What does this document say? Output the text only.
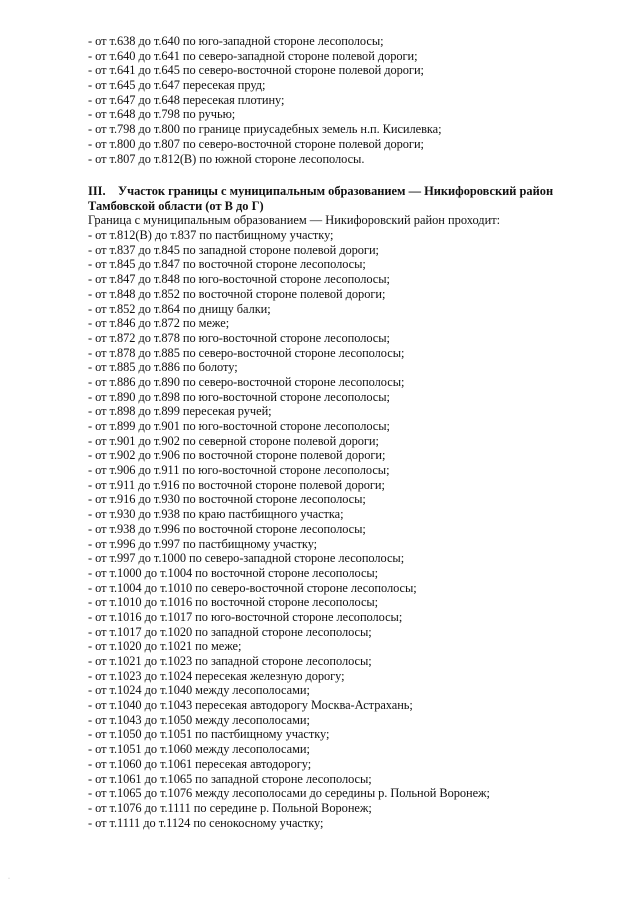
- от т.638 до т.640 по юго-западной стороне лесополосы;
- от т.640 до т.641 по северо-западной стороне полевой дороги;
- от т.641 до т.645 по северо-восточной стороне полевой дороги;
- от т.645 до т.647 пересекая пруд;
- от т.647 до т.648 пересекая плотину;
- от т.648 до т.798 по ручью;
- от т.798 до т.800 по границе приусадебных земель н.п. Кисилевка;
- от т.800 до т.807 по северо-восточной стороне полевой дороги;
- от т.807 до т.812(В) по южной стороне лесополосы.
III. Участок границы с муниципальным образованием — Никифоровский район
Тамбовской области (от В до Г)
Граница с муниципальным образованием — Никифоровский район проходит:
- от т.812(В) до т.837 по пастбищному участку;
- от т.837 до т.845 по западной стороне полевой дороги;
- от т.845 до т.847 по восточной стороне лесополосы;
- от т.847 до т.848 по юго-восточной стороне лесополосы;
- от т.848 до т.852 по восточной стороне полевой дороги;
- от т.852 до т.864 по днищу балки;
- от т.846 до т.872 по меже;
- от т.872 до т.878 по юго-восточной стороне лесополосы;
- от т.878 до т.885 по северо-восточной стороне лесополосы;
- от т.885 до т.886 по болоту;
- от т.886 до т.890 по северо-восточной стороне лесополосы;
- от т.890 до т.898 по юго-восточной стороне лесополосы;
- от т.898 до т.899 пересекая ручей;
- от т.899 до т.901 по юго-восточной стороне лесополосы;
- от т.901 до т.902 по северной стороне полевой дороги;
- от т.902 до т.906 по восточной стороне полевой дороги;
- от т.906 до т.911 по юго-восточной стороне лесополосы;
- от т.911 до т.916 по восточной стороне полевой дороги;
- от т.916 до т.930 по восточной стороне лесополосы;
- от т.930 до т.938 по краю пастбищного участка;
- от т.938 до т.996 по восточной стороне лесополосы;
- от т.996 до т.997 по пастбищному участку;
- от т.997 до т.1000 по северо-западной стороне лесополосы;
- от т.1000 до т.1004 по восточной стороне лесополосы;
- от т.1004 до т.1010 по северо-восточной стороне лесополосы;
- от т.1010 до т.1016 по восточной стороне лесополосы;
- от т.1016 до т.1017 по юго-восточной стороне лесополосы;
- от т.1017 до т.1020 по западной стороне лесополосы;
- от т.1020 до т.1021 по меже;
- от т.1021 до т.1023 по западной стороне лесополосы;
- от т.1023 до т.1024 пересекая железную дорогу;
- от т.1024 до т.1040 между лесополосами;
- от т.1040 до т.1043 пересекая автодорогу Москва-Астрахань;
- от т.1043 до т.1050 между лесополосами;
- от т.1050 до т.1051 по пастбищному участку;
- от т.1051 до т.1060 между лесополосами;
- от т.1060 до т.1061 пересекая автодорогу;
- от т.1061 до т.1065 по западной стороне лесополосы;
- от т.1065 до т.1076 между лесополосами до середины р. Польной Воронеж;
- от т.1076 до т.1111 по середине р. Польной Воронеж;
- от т.1111 до т.1124 по сенокосному участку;
·
